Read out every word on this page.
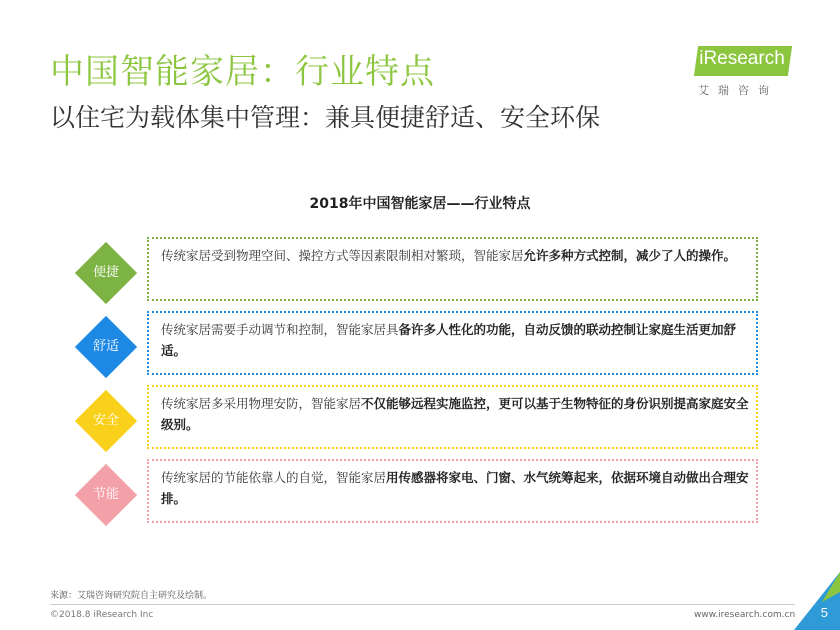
中国智能家居：行业特点
以住宅为载体集中管理：兼具便捷舒适、安全环保
iResearch
艾瑞咨询
2018年中国智能家居——行业特点
便捷
传统家居受到物理空间、操控方式等因素限制相对繁琐，智能家居允许多种方式控制，减少了人的操作。
舒适
传统家居需要手动调节和控制，智能家居具备许多人性化的功能，自动反馈的联动控制让家庭生活更加舒适。
安全
传统家居多采用物理安防，智能家居不仅能够远程实施监控，更可以基于生物特征的身份识别提高家庭安全级别。
节能
传统家居的节能依靠人的自觉，智能家居用传感器将家电、门窗、水气统筹起来，依据环境自动做出合理安排。
来源：艾瑞咨询研究院自主研究及绘制。
©2018.8 iResearch Inc	www.iresearch.com.cn 5
